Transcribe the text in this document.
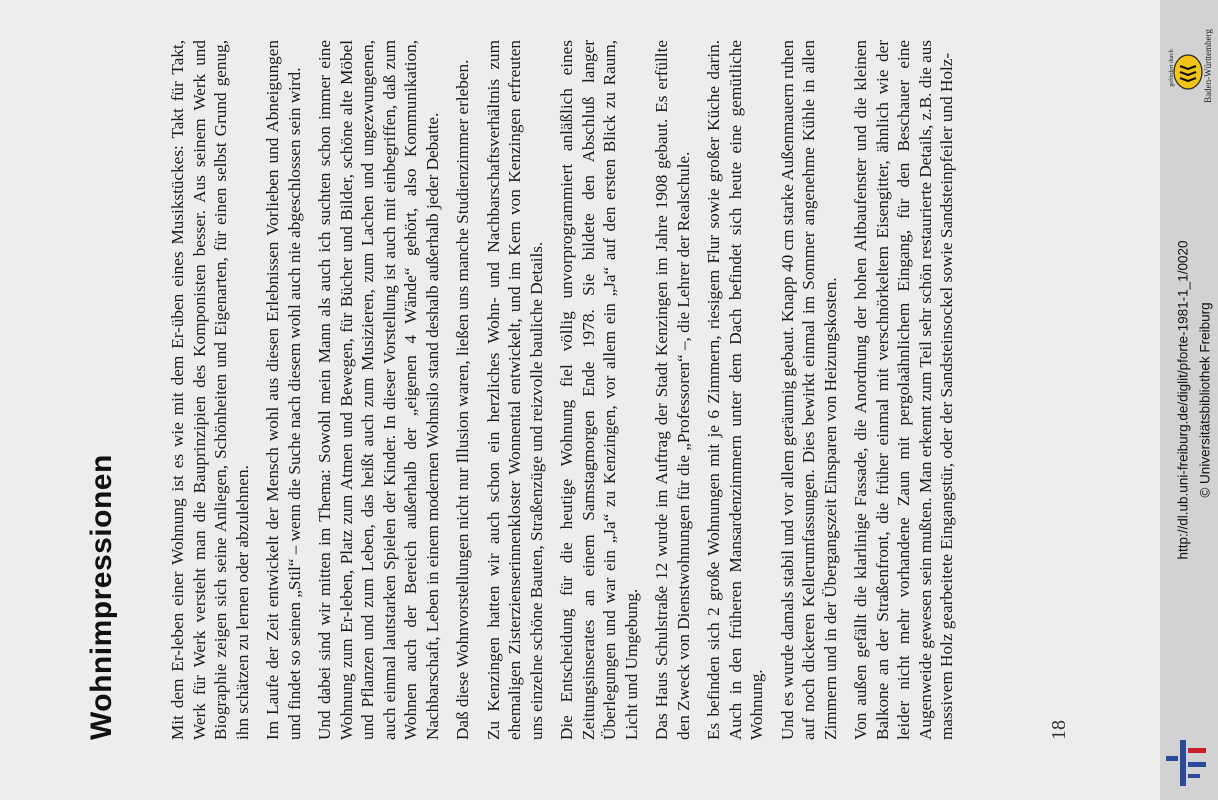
Wohnimpressionen	Mit dem Er-leben einer Wohnung ist es wie mit dem Er-üben eines Musikstückes: Takt für Takt, Werk für Werk versteht man die Bauprinzipien des Komponisten besser. Aus seinem Werk und Biographie zeigen sich seine Anliegen, Schönheiten und Eigenarten, für einen selbst Grund genug, ihn schätzen zu lernen oder abzulehnen. Im Laufe der Zeit entwickelt der Mensch wohl aus diesen Erlebnissen Vorlieben und Abneigungen und findet so seinen „Stil“ – wenn die Suche nach diesem wohl auch nie abgeschlossen sein wird. Und dabei sind wir mitten im Thema: Sowohl mein Mann als auch ich suchten schon immer eine Wohnung zum Er-leben, Platz zum Atmen und Bewegen, für Bücher und Bilder, schöne alte Möbel und Pflanzen und zum Leben, das heißt auch zum Musizieren, zum Lachen und ungezwungenen, auch einmal lautstarken Spielen der Kinder. In dieser Vorstellung ist auch mit einbegriffen, daß zum Wohnen auch der Bereich außerhalb der „eigenen 4 Wände“ gehört, also Kommunikation, Nachbarschaft, Leben in einem modernen Wohnsilo stand deshalb außerhalb jeder Debatte. Daß diese Wohnvorstellungen nicht nur Illusion waren, ließen uns manche Studienzimmer erleben. Zu Kenzingen hatten wir auch schon ein herzliches Wohn- und Nachbarschaftsverhältnis zum ehemaligen Zisterzienserinnenkloster Wonnental entwickelt, und im Kern von Kenzingen erfreuten uns einzelne schöne Bauten, Straßenzüge und reizvolle bauliche Details. Die Entscheidung für die heutige Wohnung fiel völlig unvorprogrammiert anläßlich eines Zeitungsinserates an einem Samstagmorgen Ende 1978. Sie bildete den Abschluß langer Überlegungen und war ein „Ja“ zu Kenzingen, vor allem ein „Ja“ auf den ersten Blick zu Raum, Licht und Umgebung. Das Haus Schulstraße 12 wurde im Auftrag der Stadt Kenzingen im Jahre 1908 gebaut. Es erfüllte den Zweck von Dienstwohnungen für die „Professoren“ –, die Lehrer der Realschule. Es befinden sich 2 große Wohnungen mit je 6 Zimmern, riesigem Flur sowie großer Küche darin. Auch in den früheren Mansardenzimmern unter dem Dach befindet sich heute eine gemütliche Wohnung. Und es wurde damals stabil und vor allem geräumig gebaut. Knapp 40 cm starke Außenmauern ruhen auf noch dickeren Kellerumfassungen. Dies bewirkt einmal im Sommer angenehme Kühle in allen Zimmern und in der Übergangszeit Einsparen von Heizungskosten. Von außen gefällt die klarlinige Fassade, die Anordnung der hohen Altbaufenster und die kleinen Balkone an der Straßenfront, die früher einmal mit verschnörkeltem Eisengitter, ähnlich wie der leider nicht mehr vorhandene Zaun mit pergolaähnlichem Eingang, für den Beschauer eine Augenweide gewesen sein mußten. Man erkennt zum Teil sehr schön restaurierte Details, z.B. die aus massivem Holz gearbeitete Eingangstür, oder der Sandsteinsockel sowie Sandsteinpfeiler und Holz-	18
http://dl.ub.uni-freiburg.de/diglit/pforte-1981-1_1/0020 © Universitätsbibliothek Freiburg
gefördert durch	Baden-Württemberg
